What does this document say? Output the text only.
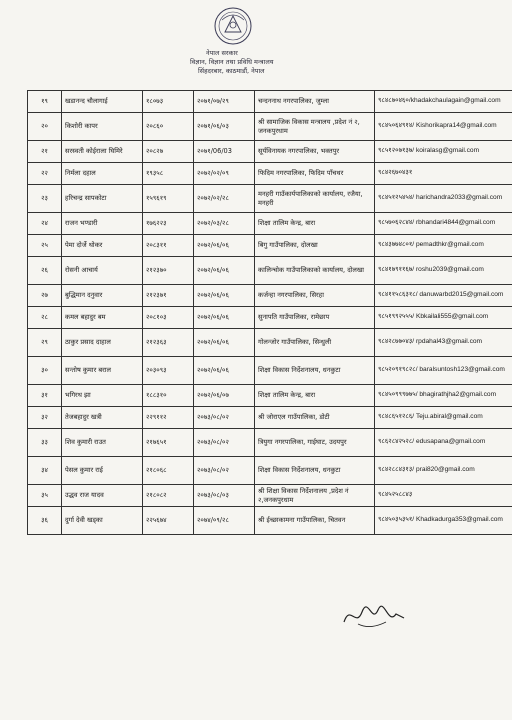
नेपाल सरकार
विज्ञान, विज्ञान तथा प्रविधि मन्त्रालय
सिंहदरबार, काठमाडौं, नेपाल
१९	खडानन्द चौलागाई	१८०७३	२०७१/०७/२९	चन्दननाथ नगरपालिका, जुम्ला	९८४८७०४६०/khadakchaulagain@gmail.com
२०	किशोरी कापर	२०८६०	२०७१/०६/०३	श्री सामाजिक विकास मन्त्रालय ,प्रदेश नं २, जनकपुरधाम	९८४५०६४९१४/ Kishorikapra14@gmail.com
२१	सरस्वती कोईराला घिमिरे	२०८२७	२०७१/06/03	सूर्यविनायक नगरपालिका, भक्तपुर	९८५१२०७१३७/ koiralasg@gmail.com
२२	निर्मला दहाल	१९३५८	२०७२/०२/०९	फिदिम नगरपालिका, फिदिम पाँचथर	९८४२६७०४३१
२३	हरिचन्द्र सापकोटा	१५९६१९	२०७२/०२/२८	मनहरी गाउँकार्यपालिकाको कार्यालय, रजैया, मनहरी	९८४५१२५४५४/ harichandra2033@gmail.com
२४	राजन भण्डारी	१७६२२३	२०७२/०३/२८	शिक्षा तालिम केन्द्र, बारा	९८५७०६२८४४/ rbhandari4844@gmail.com
२५	पेमा दोर्जे थोकर	२०८३११	२०७२/०६/०६	बिगु गाउँपालिका, दोलखा	९८४३७७४८०१/ pemadthkr@gmail.com
२६	रोसनी आचार्य	२१२३७०	२०७२/०६/०६	कालिन्चोक गाउँपालिकाको कार्यालय, दोलखा	९८४१७९११६७/ roshu2039@gmail.com
२७	बुद्धिमान दनुवार	२१२३७१	२०७२/०६/०६	कर्जन्हा नगरपालिका, सिरहा	९८४११५८६३१८/ danuwarbd2015@gmail.com
२८	कमल बहादुर बम	२०८१०३	२०७२/०६/०६	सुनापति गाउँपालिका, रामेछाप	९८५१९९२५५५/ Kbkailali555@gmail.com
२९	ठाकुर प्रसाद दाहाल	२१२३६३	२०७२/०६/०६	गोलन्जोर गाउँपालिका, सिन्धुली	९८४२८७७०४३/ rpdahal43@gmail.com
३०	सन्तोष कुमार बराल	२०३०९३	२०७२/०६/०६	शिक्षा विकास निर्देशनालय, धनकुटा	९८५२०९१९८२८/ baralsuntosh123@gmail.com
३१	भगिरथ झा	१८८३१०	२०७२/०६/०७	शिक्षा तालिम केन्द्र, बारा	९८४५०९९९७७५/ bhagirathjha2@gmail.com
३२	तेजबहादुर खत्री	२२९११२	२०७३/०८/०२	श्री जोराएल गाउँपालिका, डोटी	९८४८६५१२८६/ Teju.abiral@gmail.com
३३	शिव कुमारी राउत	२१७६५१	२०७३/०८/०२	त्रियुगा नगरपालिका, गाईघाट, उदयपुर	९८६२८४२५२८/ edusapana@gmail.com
३४	पेसल कुमार राई	२१८०६८	२०७३/०८/०२	शिक्षा विकास निर्देशनालय, धनकुटा	९८४२८८४३१३/ prai820@gmail.com
३५	उद्धव राज यादव	२१८०८२	२०७३/०८/०३	श्री शिक्षा विकास निर्देशनालय ,प्रदेश नं २,जनकपुरधाम	९८४५२५८८४३
३६	दुर्गा देवी खड्का	२२५६७४	२०७४/०९/२८	श्री ईच्छाकामना गाउँपालिका, चितवन	९८४५०३५३५१/ Khadkadurga353@gmail.com
